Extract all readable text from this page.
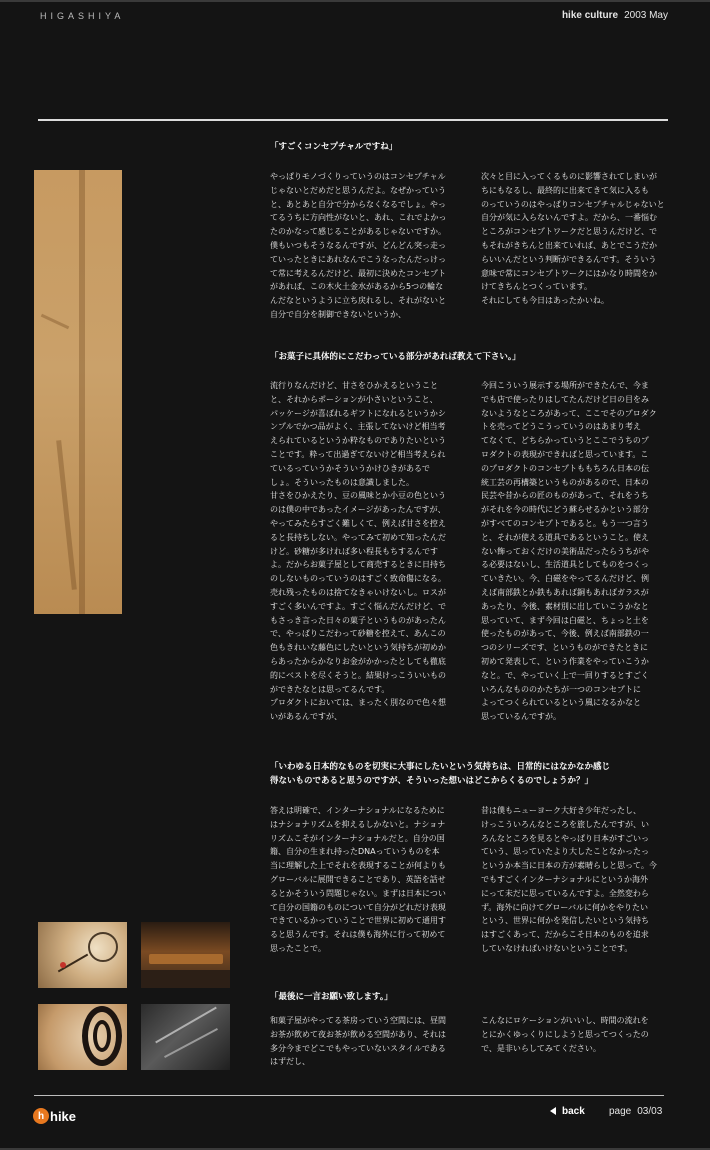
HIGASHIYA	hike culture 2003 May
「すごくコンセプチャルですね」
やっぱりモノづくりっていうのはコンセプチャル
じゃないとだめだと思うんだよ。なぜかっていう
と、あとあと自分で分からなくなるでしょ。やっ
てるうちに方向性がないと、あれ、これでよかっ
たのかなって感じることがあるじゃないですか。
僕もいつもそうなるんですが、どんどん突っ走っ
ていったときにあれなんでこうなったんだっけっ
て常に考えるんだけど、最初に決めたコンセプト
があれば、この木火土金水があるから5つの輪な
んだなというように立ち戻れるし、それがないと
自分で自分を制御できないというか、
次々と目に入ってくるものに影響されてしまいが
ちにもなるし、最終的に出来てきて気に入るも
のっていうのはやっぱりコンセプチャルじゃないと
自分が気に入らないんですよ。だから、一番悩む
ところがコンセプトワークだと思うんだけど、で
もそれがきちんと出来ていれば、あとでこうだか
らいいんだという判断ができるんです。そういう
意味で常にコンセプトワークにはかなり時間をか
けてきちんとつくっています。
それにしても今日はあったかいね。
「お菓子に具体的にこだわっている部分があれば教えて下さい。」
流行りなんだけど、甘さをひかえるということ
と、それからポーションが小さいということ、
パッケージが喜ばれるギフトになれるというかシ
ンプルでかつ品がよく、主張してないけど相当考
えられているというか粋なものでありたいという
ことです。粋って出過ぎてないけど相当考えられ
ているっていうかそういうかけひきがあるで
しょ。そういったものは意識しました。
甘さをひかえたり、豆の風味とか小豆の色という
のは僕の中であったイメージがあったんですが、
やってみたらすごく難しくて、例えば甘さを控え
ると長持ちしない。やってみて初めて知ったんだ
けど。砂糖が多ければ多い程長もちするんです
よ。だからお菓子屋として商売するときに日持ち
のしないものっていうのはすごく致命傷になる。
売れ残ったものは捨てなきゃいけないし。ロスが
すごく多いんですよ。すごく悩んだんだけど、で
もさっき言った日々の菓子というものがあったん
で、やっぱりこだわって砂糖を控えて、あんこの
色もきれいな藤色にしたいという気持ちが初めか
らあったからかなりお金がかかったとしても徹底
的にベストを尽くそうと。結果けっこういいもの
ができたなとは思ってるんです。
プロダクトにおいては、まったく別なので色々想
いがあるんですが、
今回こういう展示する場所ができたんで、今ま
でも店で使ったりはしてたんだけど日の目をみ
ないようなところがあって、ここでそのプロダク
トを売ってどうこうっていうのはあまり考え
てなくて、どちらかっていうとここでうちのプ
ロダクトの表現ができればと思っています。こ
のプロダクトのコンセプトももちろん日本の伝
統工芸の再構築というものがあるので、日本の
民芸や昔からの匠のものがあって、それをうち
がそれを今の時代にどう蘇らせるかという部分
がすべてのコンセプトであると。もう一つ言う
と、それが使える道具であるということ。使え
ない飾っておくだけの美術品だったらうちがや
る必要はないし、生活道具としてものをつくっ
ていきたい。今、白磁をやってるんだけど、例
えば南部鉄とか鉄もあれば銅もあればガラスが
あったり、今後、素材別に出していこうかなと
思っていて、まず今回は白磁と、ちょっと土を
使ったものがあって、今後、例えば南部鉄の一
つのシリーズです、というものができたときに
初めて発表して、という作業をやっていこうか
なと。で、やっていく上で一回りするとすごく
いろんなもののかたちが一つのコンセプトに
よってつくられているという風になるかなと
思っているんですが。
「いわゆる日本的なものを切実に大事にしたいという気持ちは、日常的にはなかなか感じ
得ないものであると思うのですが、そういった想いはどこからくるのでしょうか？」
答えは明確で、インターナショナルになるために
はナショナリズムを抑えるしかないと。ナショナ
リズムこそがインターナショナルだと。自分の国
籍、自分の生まれ持ったDNAっていうものを本
当に理解した上でそれを表現することが何よりも
グローバルに展開できることであり、英語を話せ
るとかそういう問題じゃない。まずは日本につい
て自分の国籍のものについて自分がどれだけ表現
できているかっていうことで世界に初めて通用す
ると思うんです。それは僕も海外に行って初めて
思ったことで。
昔は僕もニューヨーク大好き少年だったし、
けっこういろんなところを旅したんですが、い
ろんなところを見るとやっぱり日本がすごいっ
ていう、思っていたより大したことなかったっ
というか本当に日本の方が素晴らしと思って。今
でもすごくインターナショナルにというか海外
にって未だに思っているんですよ。全然変わら
ず。海外に向けてグローバルに何かをやりたい
という、世界に何かを発信したいという気持ち
はすごくあって、だからこそ日本のものを追求
していなければいけないということです。
「最後に一言お願い致します。」
和菓子屋がやってる茶房っていう空間には、昼間
お茶が飲めて夜お茶が飲める空間があり、それは
多分今までどこでもやっていないスタイルである
はずだし、
こんなにロケーションがいいし、時間の流れを
とにかくゆっくりにしようと思ってつくったの
で、是非いらしてみてください。
h hike	back page 03/03
